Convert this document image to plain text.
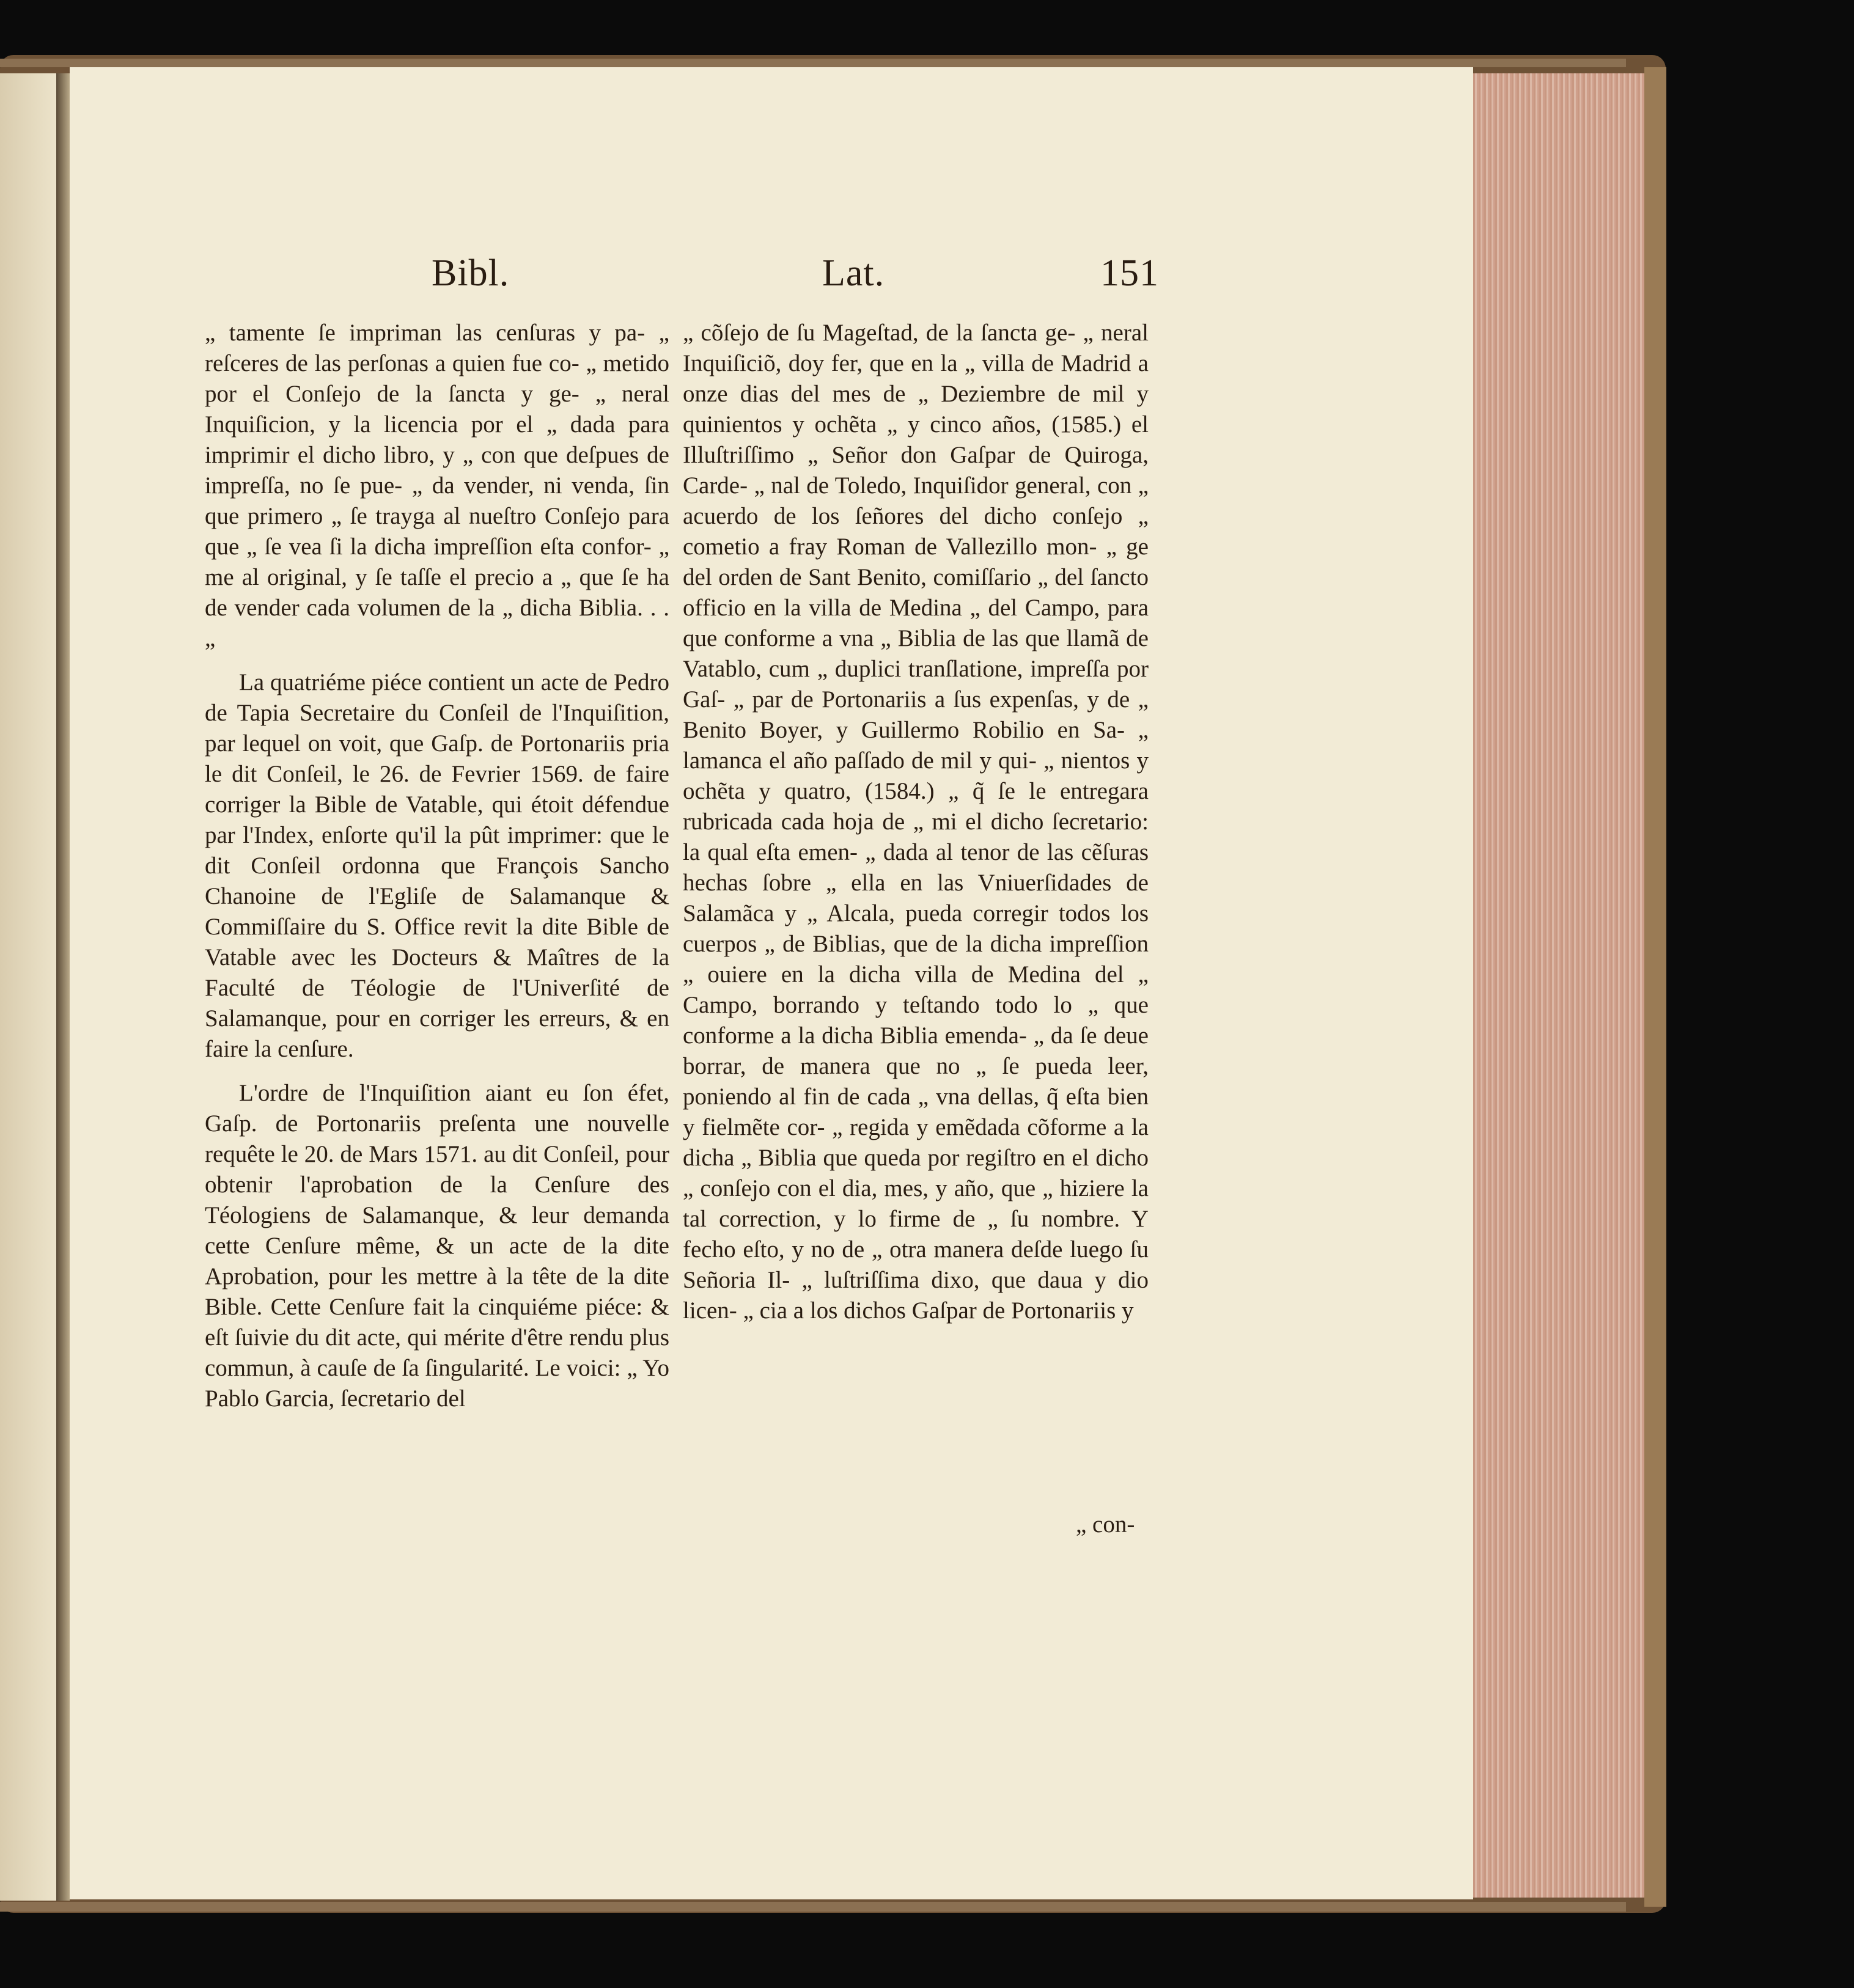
Bibl.	Lat.	151

„ tamente ſe impriman las cenſuras y pa- „ reſceres de las perſonas a quien fue co- „ metido por el Conſejo de la ſancta y ge- „ neral Inquiſicion, y la licencia por el „ dada para imprimir el dicho libro, y „ con que deſpues de impreſſa, no ſe pue- „ da vender, ni venda, ſin que primero „ ſe trayga al nueſtro Conſejo para que „ ſe vea ſi la dicha impreſſion eſta confor- „ me al original, y ſe taſſe el precio a „ que ſe ha de vender cada volumen de la „ dicha Biblia. . . „

La quatriéme piéce contient un acte de Pedro de Tapia Secretaire du Conſeil de l'Inquiſition, par lequel on voit, que Gaſp. de Portonariis pria le dit Conſeil, le 26. de Fevrier 1569. de faire corriger la Bible de Vatable, qui étoit défendue par l'Index, enſorte qu'il la pût imprimer: que le dit Conſeil ordonna que François Sancho Chanoine de l'Egliſe de Salamanque & Commiſſaire du S. Office revit la dite Bible de Vatable avec les Docteurs & Maîtres de la Faculté de Téologie de l'Univerſité de Salamanque, pour en corriger les erreurs, & en faire la cenſure.

L'ordre de l'Inquiſition aiant eu ſon éfet, Gaſp. de Portonariis preſenta une nouvelle requête le 20. de Mars 1571. au dit Conſeil, pour obtenir l'aprobation de la Cenſure des Téologiens de Salamanque, & leur demanda cette Cenſure même, & un acte de la dite Aprobation, pour les mettre à la tête de la dite Bible. Cette Cenſure fait la cinquiéme piéce: & eſt ſuivie du dit acte, qui mérite d'être rendu plus commun, à cauſe de ſa ſingularité. Le voici: „ Yo Pablo Garcia, ſecretario del

„ cõſejo de ſu Mageſtad, de la ſancta ge- „ neral Inquiſiciõ, doy fer, que en la „ villa de Madrid a onze dias del mes de „ Deziembre de mil y quinientos y ochẽta „ y cinco años, (1585.) el Illuſtriſſimo „ Señor don Gaſpar de Quiroga, Carde- „ nal de Toledo, Inquiſidor general, con „ acuerdo de los ſeñores del dicho conſejo „ cometio a fray Roman de Vallezillo mon- „ ge del orden de Sant Benito, comiſſario „ del ſancto officio en la villa de Medina „ del Campo, para que conforme a vna „ Biblia de las que llamã de Vatablo, cum „ duplici tranſlatione, impreſſa por Gaſ- „ par de Portonariis a ſus expenſas, y de „ Benito Boyer, y Guillermo Robilio en Sa- „ lamanca el año paſſado de mil y qui- „ nientos y ochẽta y quatro, (1584.) „ q̃ ſe le entregara rubricada cada hoja de „ mi el dicho ſecretario: la qual eſta emen- „ dada al tenor de las cẽſuras hechas ſobre „ ella en las Vniuerſidades de Salamãca y „ Alcala, pueda corregir todos los cuerpos „ de Biblias, que de la dicha impreſſion „ ouiere en la dicha villa de Medina del „ Campo, borrando y teſtando todo lo „ que conforme a la dicha Biblia emenda- „ da ſe deue borrar, de manera que no „ ſe pueda leer, poniendo al fin de cada „ vna dellas, q̃ eſta bien y fielmẽte cor- „ regida y emẽdada cõforme a la dicha „ Biblia que queda por regiſtro en el dicho „ conſejo con el dia, mes, y año, que „ hiziere la tal correction, y lo firme de „ ſu nombre. Y fecho eſto, y no de „ otra manera deſde luego ſu Señoria Il- „ luſtriſſima dixo, que daua y dio licen- „ cia a los dichos Gaſpar de Portonariis y

„ con-
